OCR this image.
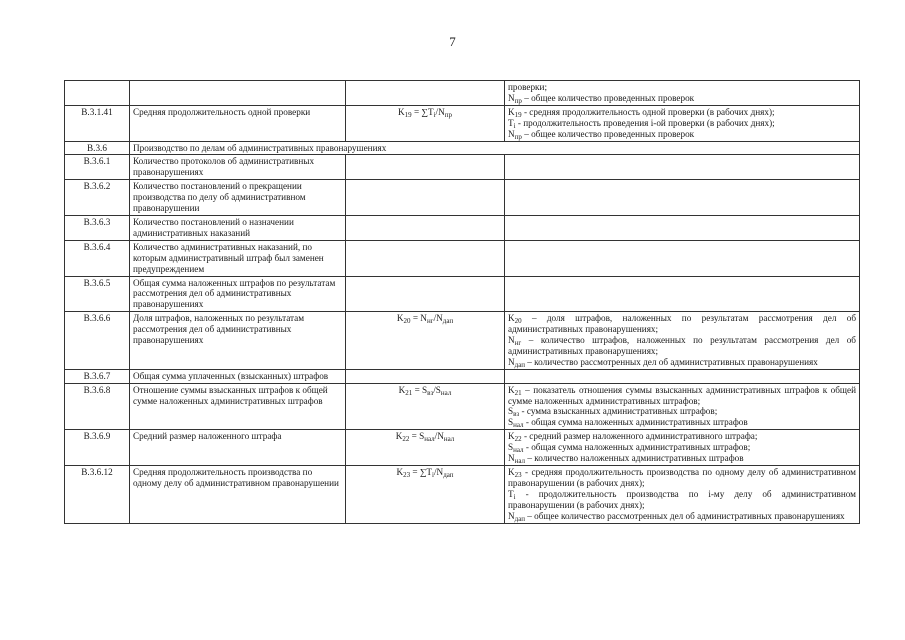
7

			проверки;
$N_{пр}$ – общее количество проведенных проверок

В.3.1.41	Средняя продолжительность одной проверки	$K_{19} = \sum T_i/N_{пр}$	$K_{19}$ - средняя продолжительность одной проверки (в рабочих днях);
$T_i$ - продолжительность проведения i-ой проверки (в рабочих днях);
$N_{пр}$ – общее количество проведенных проверок

В.3.6	Производство по делам об административных правонарушениях		
В.3.6.1	Количество протоколов об административных правонарушениях		
В.3.6.2	Количество постановлений о прекращении производства по делу об административном правонарушении		
В.3.6.3	Количество постановлений о назначении административных наказаний		
В.3.6.4	Количество административных наказаний, по которым административный штраф был заменен предупреждением		
В.3.6.5	Общая сумма наложенных штрафов по результатам рассмотрения дел об административных правонарушениях		
В.3.6.6	Доля штрафов, наложенных по результатам рассмотрения дел об административных правонарушениях	$K_{20} = N_{нг}/N_{дап}$	$K_{20}$ – доля штрафов, наложенных по результатам рассмотрения дел об административных правонарушениях;
$N_{нг}$ – количество штрафов, наложенных по результатам рассмотрения дел об административных правонарушениях;
$N_{дап}$ – количество рассмотренных дел об административных правонарушениях

В.3.6.7	Общая сумма уплаченных (взысканных) штрафов		
В.3.6.8	Отношение суммы взысканных штрафов к общей сумме наложенных административных штрафов	$K_{21} = S_{вз}/S_{нал}$	$K_{21}$ – показатель отношения суммы взысканных административных штрафов к общей сумме наложенных административных штрафов;
$S_{вз}$ - сумма взысканных административных штрафов;
$S_{нал}$ - общая сумма наложенных административных штрафов

В.3.6.9	Средний размер наложенного штрафа	$K_{22} = S_{нал}/N_{нал}$	$K_{22}$ - средний размер наложенного административного штрафа;
$S_{нал}$ - общая сумма наложенных административных штрафов;
$N_{нал}$ – количество наложенных административных штрафов

В.3.6.12	Средняя продолжительность производства по одному делу об административном правонарушении	$K_{23} = \sum T_i/N_{дап}$	$K_{23}$ - средняя продолжительность производства по одному делу об административном правонарушении (в рабочих днях);
$T_i$ - продолжительность производства по i-му делу об административном правонарушении (в рабочих днях);
$N_{дап}$ – общее количество рассмотренных дел об административных правонарушениях
